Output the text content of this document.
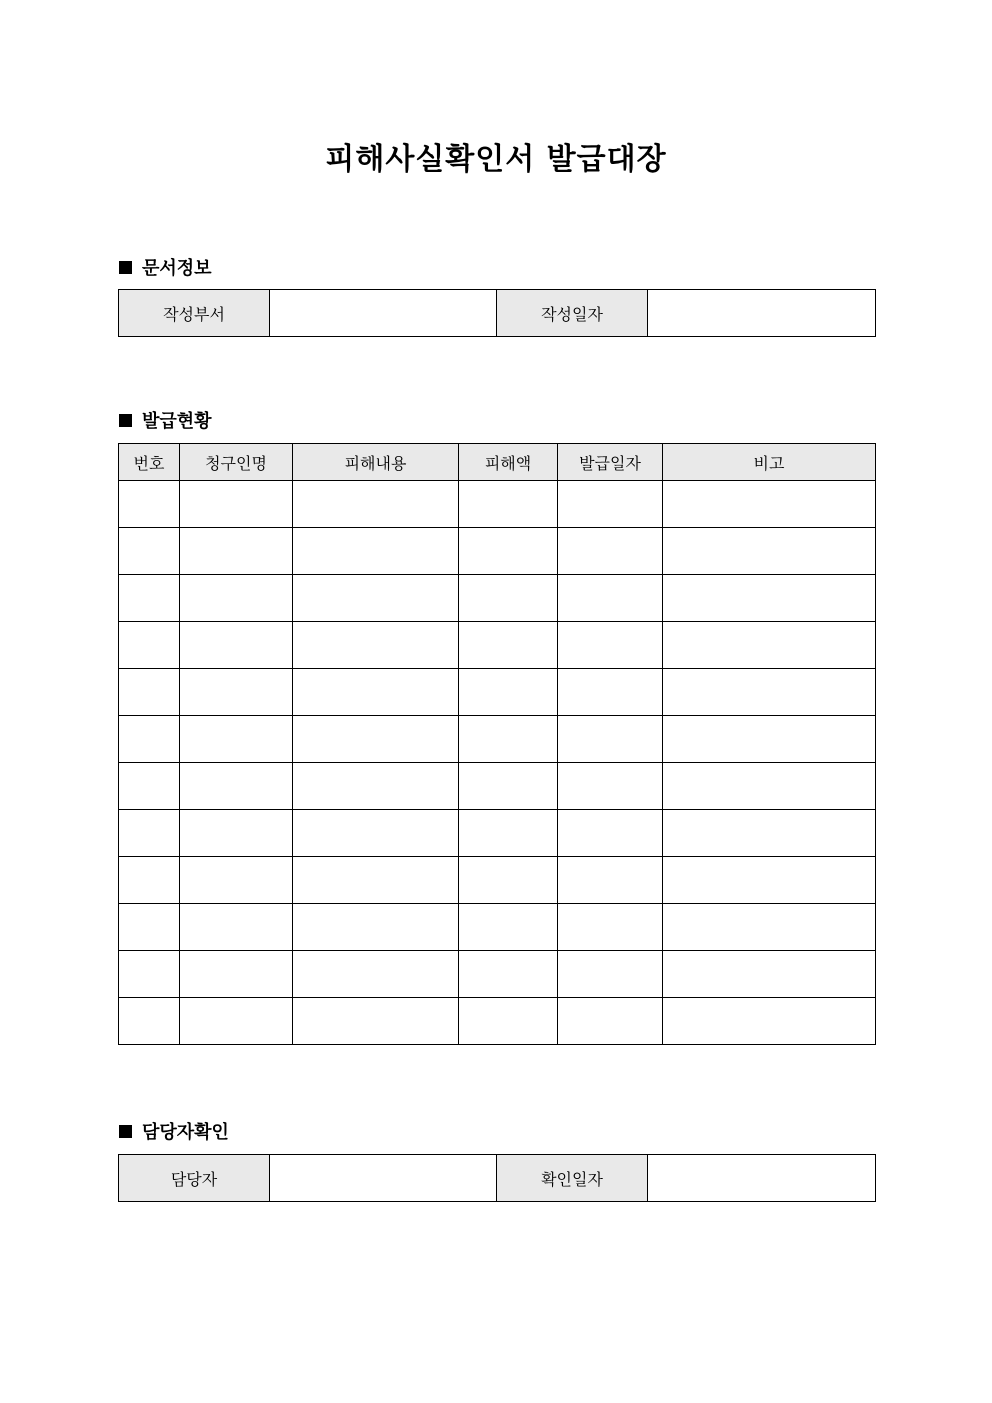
피해사실확인서 발급대장
문서정보
작성부서		작성일자	
발급현황
번호	청구인명	피해내용	피해액	발급일자	비고

담당자확인
담당자		확인일자	
